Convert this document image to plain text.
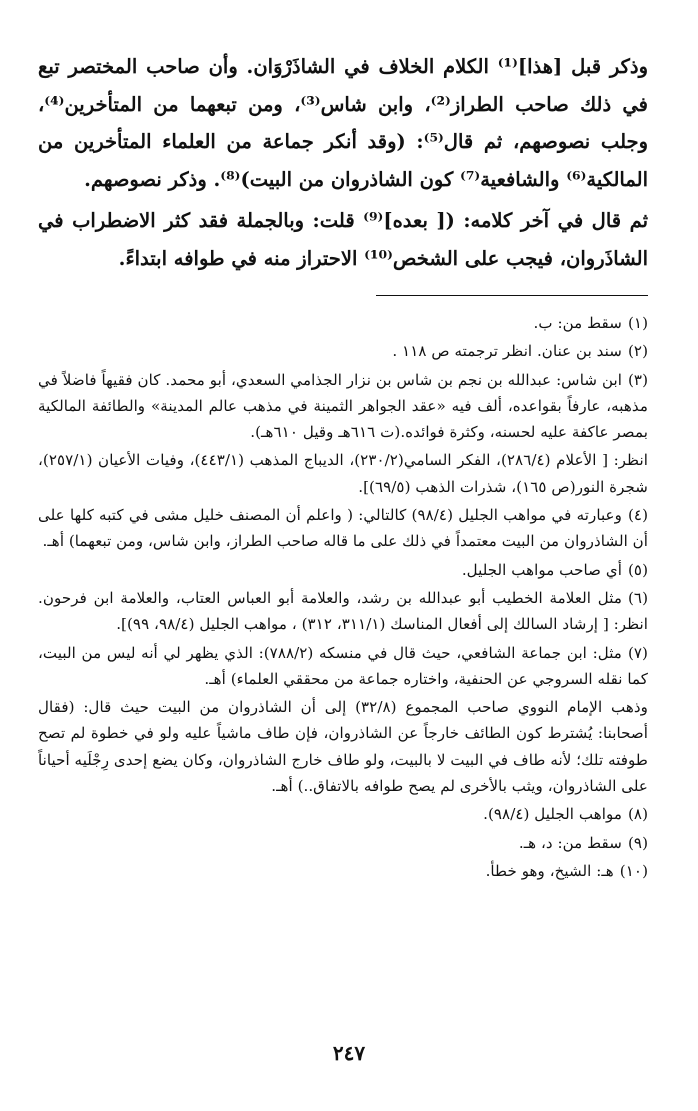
وذكر قبل [هذا]⁽¹⁾ الكلام الخلاف في الشاذَرْوَان. وأن صاحب المختصر تبع في ذلك صاحب الطراز⁽²⁾، وابن شاس⁽³⁾، ومن تبعهما من المتأخرين⁽⁴⁾، وجلب نصوصهم، ثم قال⁽⁵⁾: (وقد أنكر جماعة من العلماء المتأخرين من المالكية⁽⁶⁾ والشافعية⁽⁷⁾ كون الشاذروان من البيت)⁽⁸⁾. وذكر نصوصهم.

ثم قال في آخر كلامه: ([ بعده]⁽⁹⁾ قلت: وبالجملة فقد كثر الاضطراب في الشاذَروان، فيجب على الشخص⁽¹⁰⁾ الاحتراز منه في طوافه ابتداءً.

(١)سقط من: ب.
(٢)سند بن عنان. انظر ترجمته ص ١١٨ .
(٣)ابن شاس: عبدالله بن نجم بن شاس بن نزار الجذامي السعدي، أبو محمد. كان فقيهاً فاضلاً في مذهبه، عارفاً بقواعده، ألف فيه «عقد الجواهر الثمينة في مذهب عالم المدينة» والطائفة المالكية بمصر عاكفة عليه لحسنه، وكثرة فوائده.(ت ٦١٦هـ وقيل ٦١٠هـ).
انظر: [ الأعلام (٢٨٦/٤)، الفكر السامي(٢٣٠/٢)، الديباج المذهب (٤٤٣/١)، وفيات الأعيان (٢٥٧/١)، شجرة النور(ص ١٦٥)، شذرات الذهب (٦٩/٥)].
(٤)وعبارته في مواهب الجليل (٩٨/٤) كالتالي: ( واعلم أن المصنف خليل مشى في كتبه كلها على أن الشاذروان من البيت معتمداً في ذلك على ما قاله صاحب الطراز، وابن شاس، ومن تبعهما) أهـ.
(٥)أي صاحب مواهب الجليل.
(٦)مثل العلامة الخطيب أبو عبدالله بن رشد، والعلامة أبو العباس العتاب، والعلامة ابن فرحون. انظر: [ إرشاد السالك إلى أفعال المناسك (٣١١/١، ٣١٢) ، مواهب الجليل (٩٨/٤، ٩٩)].
(٧)مثل: ابن جماعة الشافعي، حيث قال في منسكه (٧٨٨/٢): الذي يظهر لي أنه ليس من البيت، كما نقله السروجي عن الحنفية، واختاره جماعة من محققي العلماء) أهـ.
وذهب الإمام النووي صاحب المجموع (٣٢/٨) إلى أن الشاذروان من البيت حيث قال: (فقال أصحابنا: يُشترط كون الطائف خارجاً عن الشاذروان، فإن طاف ماشياً عليه ولو في خطوة لم تصح طوفته تلك؛ لأنه طاف في البيت لا بالبيت، ولو طاف خارج الشاذروان، وكان يضع إحدى رِجْلَيه أحياناً على الشاذروان، ويثب بالأخرى لم يصح طوافه بالاتفاق..) أهـ.
(٨)مواهب الجليل (٩٨/٤).
(٩)سقط من: د، هـ.
(١٠)هـ: الشيخ، وهو خطأ.
٢٤٧
